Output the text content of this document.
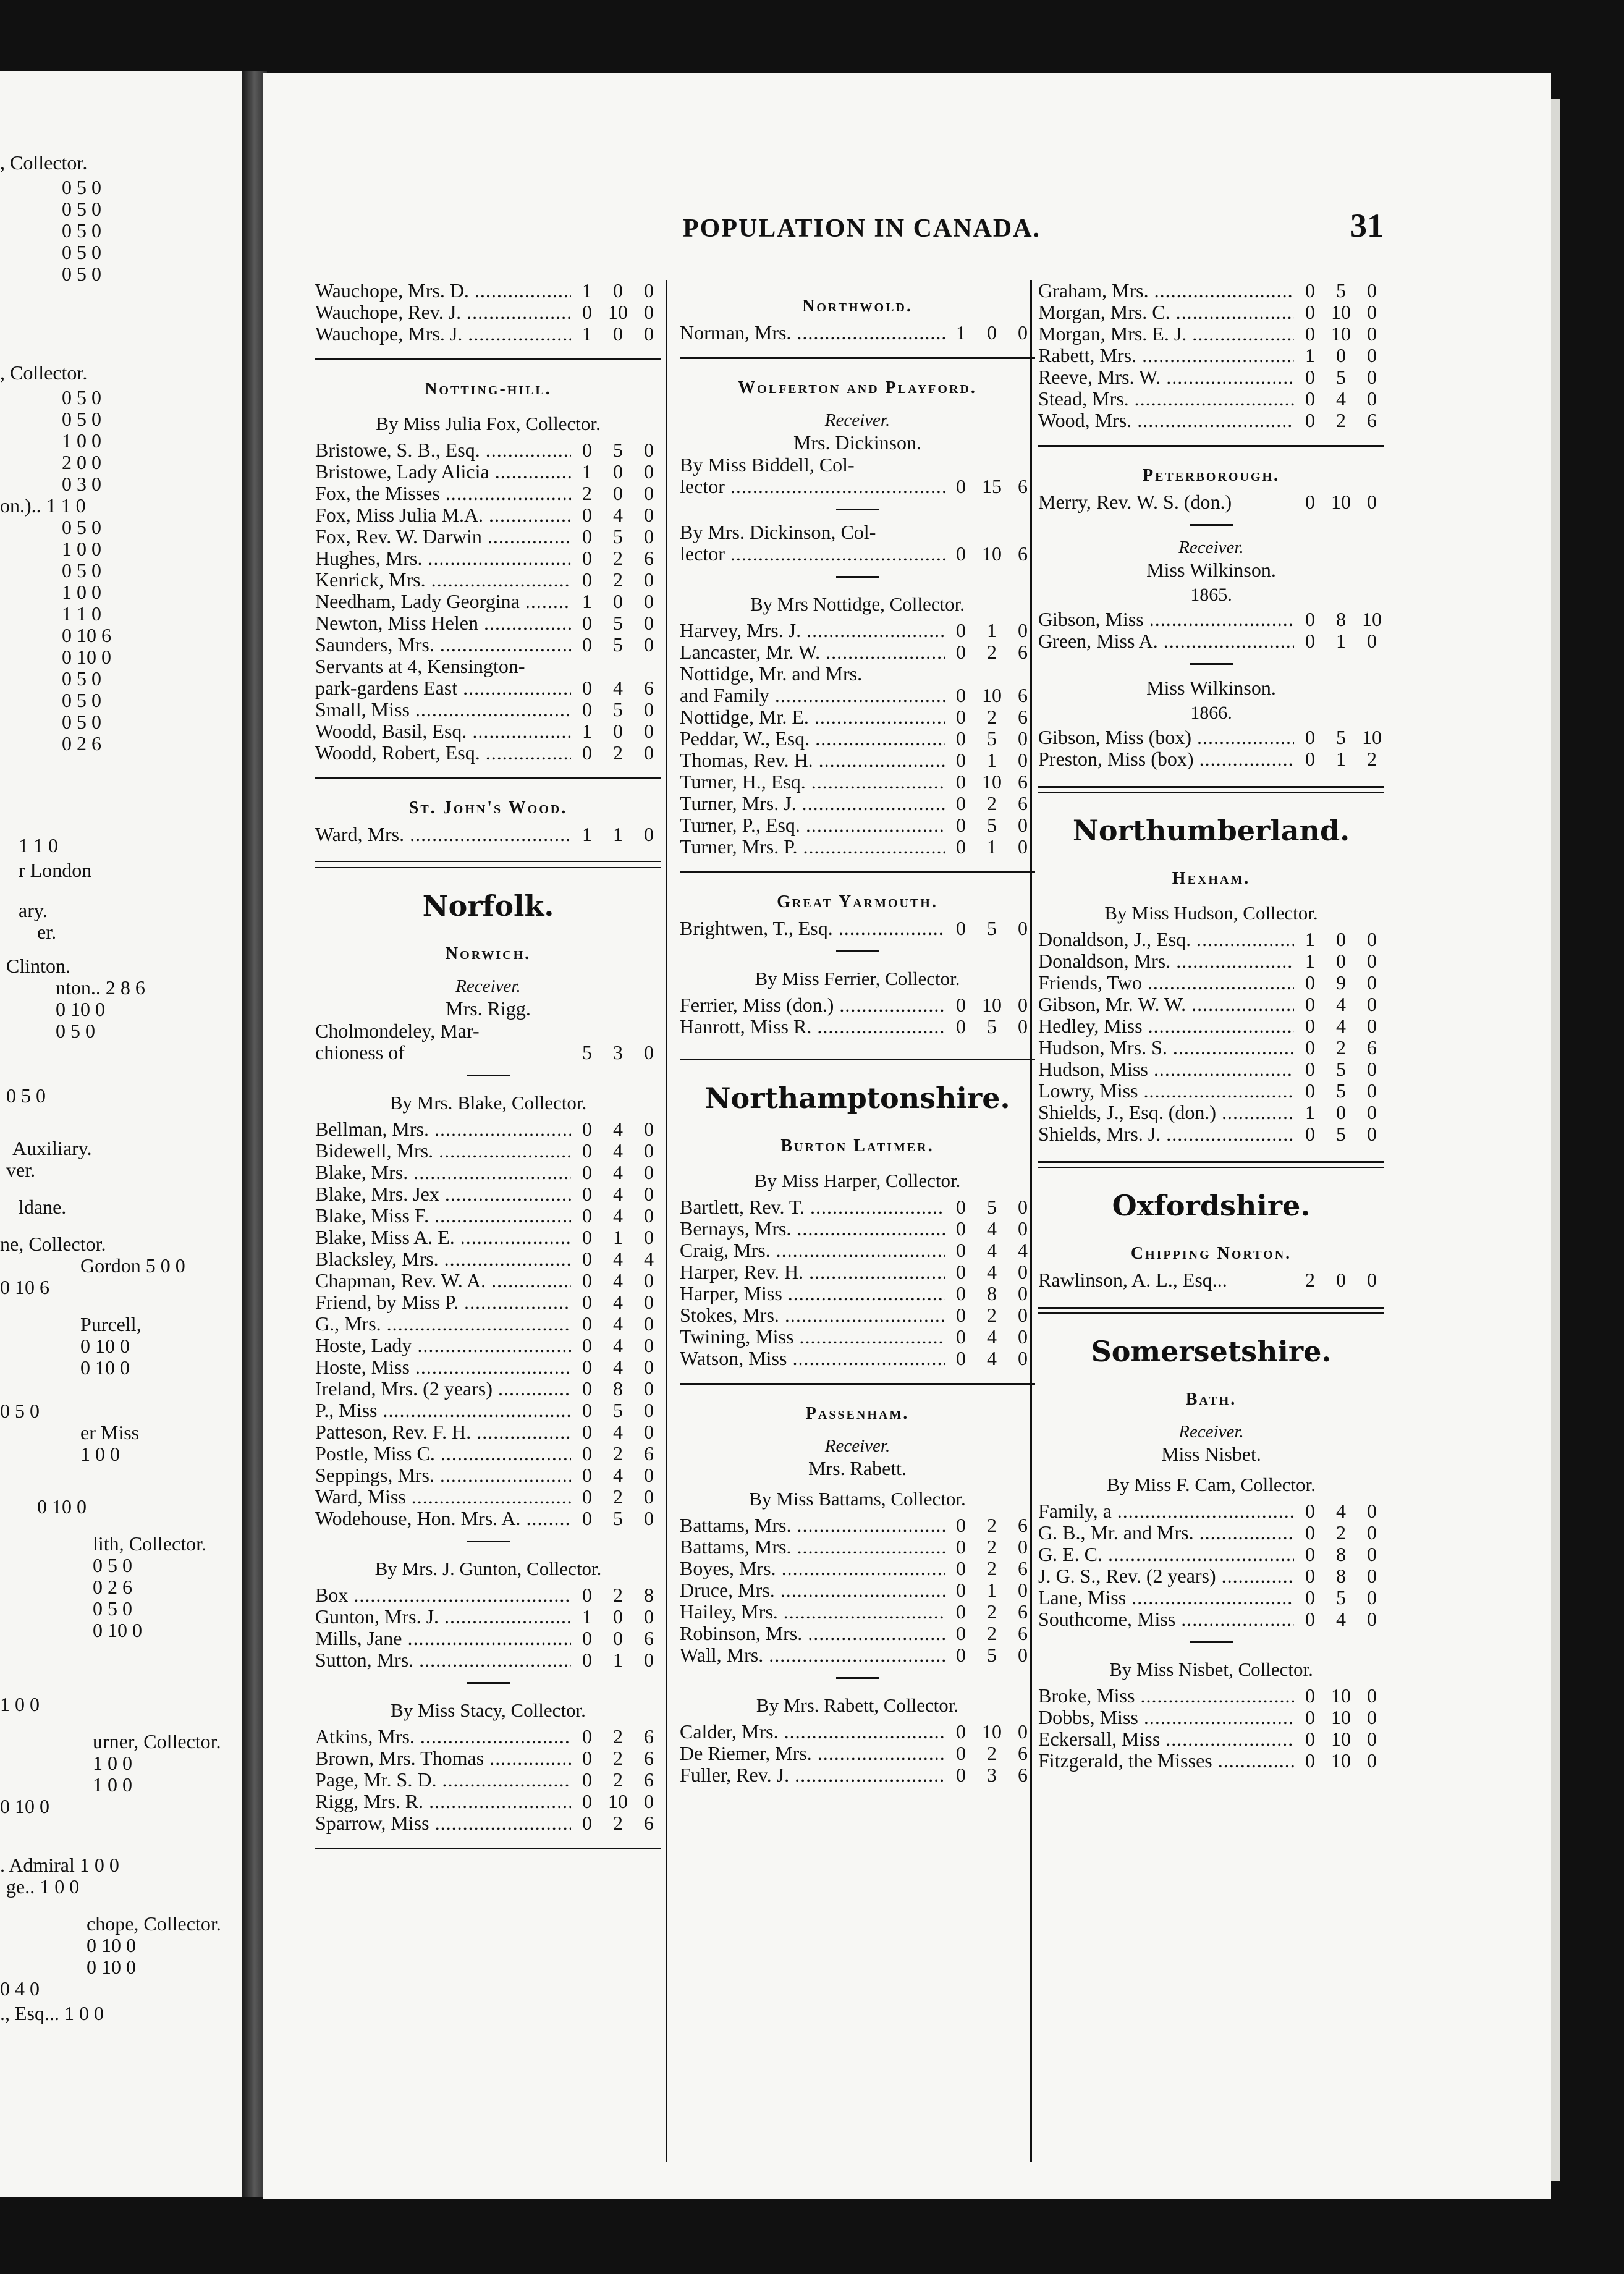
, Collector.
0 5 0
0 5 0
0 5 0
0 5 0
0 5 0
, Collector.
0 5 0
0 5 0
1 0 0
2 0 0
0 3 0
on.).. 1 1 0
0 5 0
1 0 0
0 5 0
1 0 0
1 1 0
0 10 6
0 10 0
0 5 0
0 5 0
0 5 0
0 2 6
1 1 0
r London
ary.
er.
Clinton.
nton.. 2 8 6
0 10 0
0 5 0
0 5 0
Auxiliary.
ver.
ldane.
ne, Collector.
Gordon 5 0 0
0 10 6
Purcell,
0 10 0
0 10 0
0 5 0
er Miss
1 0 0
0 10 0
lith, Collector.
0 5 0
0 2 6
0 5 0
0 10 0
1 0 0
urner, Collector.
1 0 0
1 0 0
0 10 0
ge.. 1 0 0
chope, Collector.
0 10 0
0 10 0
0 4 0
., Esq... 1 0 0
. Admiral 1 0 0
POPULATION IN CANADA.	31
Wauchope, Mrs. D. .....	1	0	0
Wauchope, Rev. J. .....	0 10 0
Wauchope, Mrs. J. .....	1	0	0
Notting-hill.
By Miss Julia Fox, Collector.
Bristowe, S. B., Esq. .....	0	5	0
Bristowe, Lady Alicia .....	1	0	0
Fox, the Misses .....	2	0	0
Fox, Miss Julia M.A. .....	0	4	0
Fox, Rev. W. Darwin .....	0	5	0
Hughes, Mrs. .....	0	2	6
Kenrick, Mrs. .....	0	2	0
Needham, Lady Georgina .....	1	0	0
Newton, Miss Helen .....	0	5	0
Saunders, Mrs. .....	0	5	0
Servants at 4, Kensington-
park-gardens East .....	0	4	6
Small, Miss .....	0	5	0
Woodd, Basil, Esq. .....	1	0	0
Woodd, Robert, Esq. .....	0	2	0
St. John's Wood.
Ward, Mrs. .....	1	1	0
Norfolk.
Norwich.
Receiver.
Mrs. Rigg.
Cholmondeley, Mar-
chioness of	5	3	0
By Mrs. Blake, Collector.
Bellman, Mrs. .....	0	4	0
Bidewell, Mrs. .....	0	4	0
Blake, Mrs. .....	0	4	0
Blake, Mrs. Jex .....	0	4	0
Blake, Miss F. .....	0	4	0
Blake, Miss A. E. .....	0	1	0
Blacksley, Mrs. .....	0	4	4
Chapman, Rev. W. A. .....	0	4	0
Friend, by Miss P. .....	0	4	0
G., Mrs. .....	0	4	0
Hoste, Lady .....	0	4	0
Hoste, Miss .....	0	4	0
Ireland, Mrs. (2 years) .....	0	8	0
P., Miss .....	0	5	0
Patteson, Rev. F. H. .....	0	4	0
Postle, Miss C. .....	0	2	6
Seppings, Mrs. .....	0	4	0
Ward, Miss .....	0	2	0
Wodehouse, Hon. Mrs. A. .....	0	5	0
By Mrs. J. Gunton, Collector.
Box .....	0	2	8
Gunton, Mrs. J. .....	1	0	0
Mills, Jane .....	0	0	6
Sutton, Mrs. .....	0	1	0
By Miss Stacy, Collector.
Atkins, Mrs. .....	0	2	6
Brown, Mrs. Thomas .....	0	2	6
Page, Mr. S. D. .....	0	2	6
Rigg, Mrs. R. .....	0 10 0
Sparrow, Miss .....	0	2	6
Northwold.
Norman, Mrs. .....	1	0	0
Wolferton and Playford.
Receiver.
Mrs. Dickinson.
By Miss Biddell, Col-
lector .....	0 15 6
By Mrs. Dickinson, Col-
lector .....	0 10 6
By Mrs Nottidge, Collector.
Harvey, Mrs. J. .....	0	1	0
Lancaster, Mr. W. .....	0	2	6
Nottidge, Mr. and Mrs.
and Family .....	0 10 6
Nottidge, Mr. E. .....	0	2	6
Peddar, W., Esq. .....	0	5	0
Thomas, Rev. H. .....	0	1	0
Turner, H., Esq. .....	0 10 6
Turner, Mrs. J. .....	0	2	6
Turner, P., Esq. .....	0	5	0
Turner, Mrs. P. .....	0	1	0
Great Yarmouth.
Brightwen, T., Esq. .....	0	5	0
By Miss Ferrier, Collector.
Ferrier, Miss (don.) .....	0 10 0
Hanrott, Miss R. .....	0	5	0
Northamptonshire.
Burton Latimer.
By Miss Harper, Collector.
Bartlett, Rev. T. .....	0	5	0
Bernays, Mrs. .....	0	4	0
Craig, Mrs. .....	0	4	4
Harper, Rev. H. .....	0	4	0
Harper, Miss .....	0	8	0
Stokes, Mrs. .....	0	2	0
Twining, Miss .....	0	4	0
Watson, Miss .....	0	4	0
Passenham.
Receiver.
Mrs. Rabett.
By Miss Battams, Collector.
Battams, Mrs. .....	0	2	6
Battams, Mrs. .....	0	2	0
Boyes, Mrs. .....	0	2	6
Druce, Mrs. .....	0	1	0
Hailey, Mrs. .....	0	2	6
Robinson, Mrs. .....	0	2	6
Wall, Mrs. .....	0	5	0
By Mrs. Rabett, Collector.
Calder, Mrs. .....	0 10 0
De Riemer, Mrs. .....	0	2	6
Fuller, Rev. J. .....	0	3	6
Graham, Mrs. .....	0	5	0
Morgan, Mrs. C. .....	0 10 0
Morgan, Mrs. E. J. .....	0 10 0
Rabett, Mrs. .....	1	0	0
Reeve, Mrs. W. .....	0	5	0
Stead, Mrs. .....	0	4	0
Wood, Mrs. .....	0	2	6
Peterborough.
Merry, Rev. W. S. (don.)	0 10 0
Receiver.
Miss Wilkinson.
1865.
Gibson, Miss .....	0	8 10
Green, Miss A. .....	0	1	0
Miss Wilkinson.
1866.
Gibson, Miss (box) .....	0	5 10
Preston, Miss (box) .....	0	1	2
Northumberland.
Hexham.
By Miss Hudson, Collector.
Donaldson, J., Esq. .....	1	0	0
Donaldson, Mrs. .....	1	0	0
Friends, Two .....	0	9	0
Gibson, Mr. W. W. .....	0	4	0
Hedley, Miss .....	0	4	0
Hudson, Mrs. S. .....	0	2	6
Hudson, Miss .....	0	5	0
Lowry, Miss .....	0	5	0
Shields, J., Esq. (don.) .....	1	0	0
Shields, Mrs. J. .....	0	5	0
Oxfordshire.
Chipping Norton.
Rawlinson, A. L., Esq...	2	0	0
Somersetshire.
Bath.
Receiver.
Miss Nisbet.
By Miss F. Cam, Collector.
Family, a .....	0	4	0
G. B., Mr. and Mrs. .....	0	2	0
G. E. C. .....	0	8	0
J. G. S., Rev. (2 years) .....	0	8	0
Lane, Miss .....	0	5	0
Southcome, Miss .....	0	4	0
By Miss Nisbet, Collector.
Broke, Miss .....	0 10 0
Dobbs, Miss .....	0 10 0
Eckersall, Miss .....	0 10 0
Fitzgerald, the Misses .....	0 10 0
